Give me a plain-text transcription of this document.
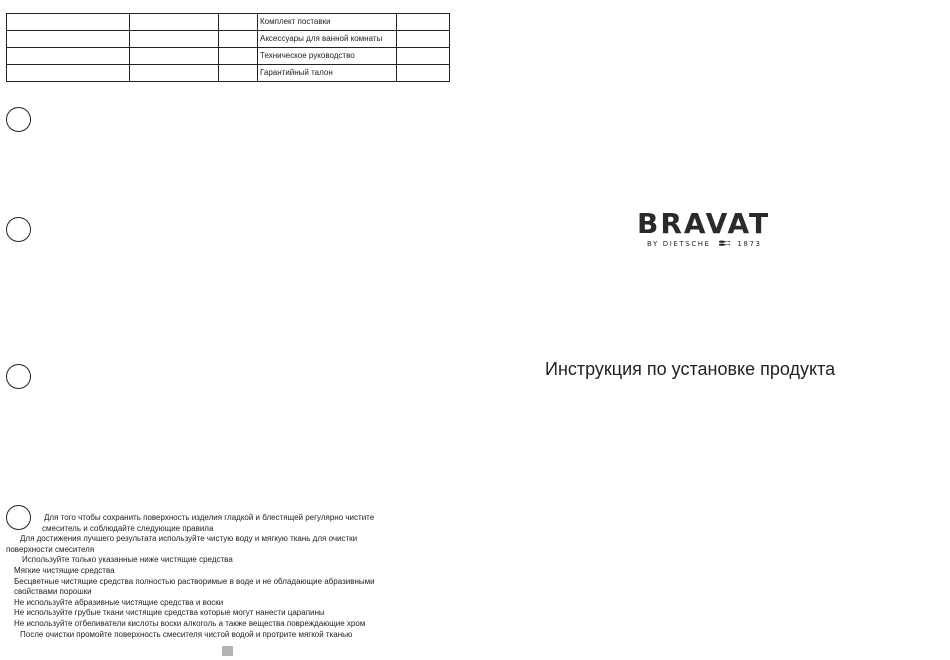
			Комплект поставки	
			Аксессуары для ванной комнаты	
			Техническое руководство	
			Гарантийный талон	
Для того чтобы сохранить поверхность изделия гладкой и блестящей регулярно чистите
смеситель и соблюдайте следующие правила
Для достижения лучшего результата используйте чистую воду и мягкую ткань для очистки
поверхности смесителя
Используйте только указанные ниже чистящие средства
Мягкие чистящие средства
Бесцветные чистящие средства полностью растворимые в воде и не обладающие абразивными
свойствами порошки
Не используйте абразивные чистящие средства и воски
Не используйте грубые ткани чистящие средства которые могут нанести царапины
Не используйте отбеливатели кислоты воски алкоголь а также вещества повреждающие хром
После очистки промойте поверхность смесителя чистой водой и протрите мягкой тканью
BRAVAT
BY DIETSCHE	1873
Инструкция по установке продукта
